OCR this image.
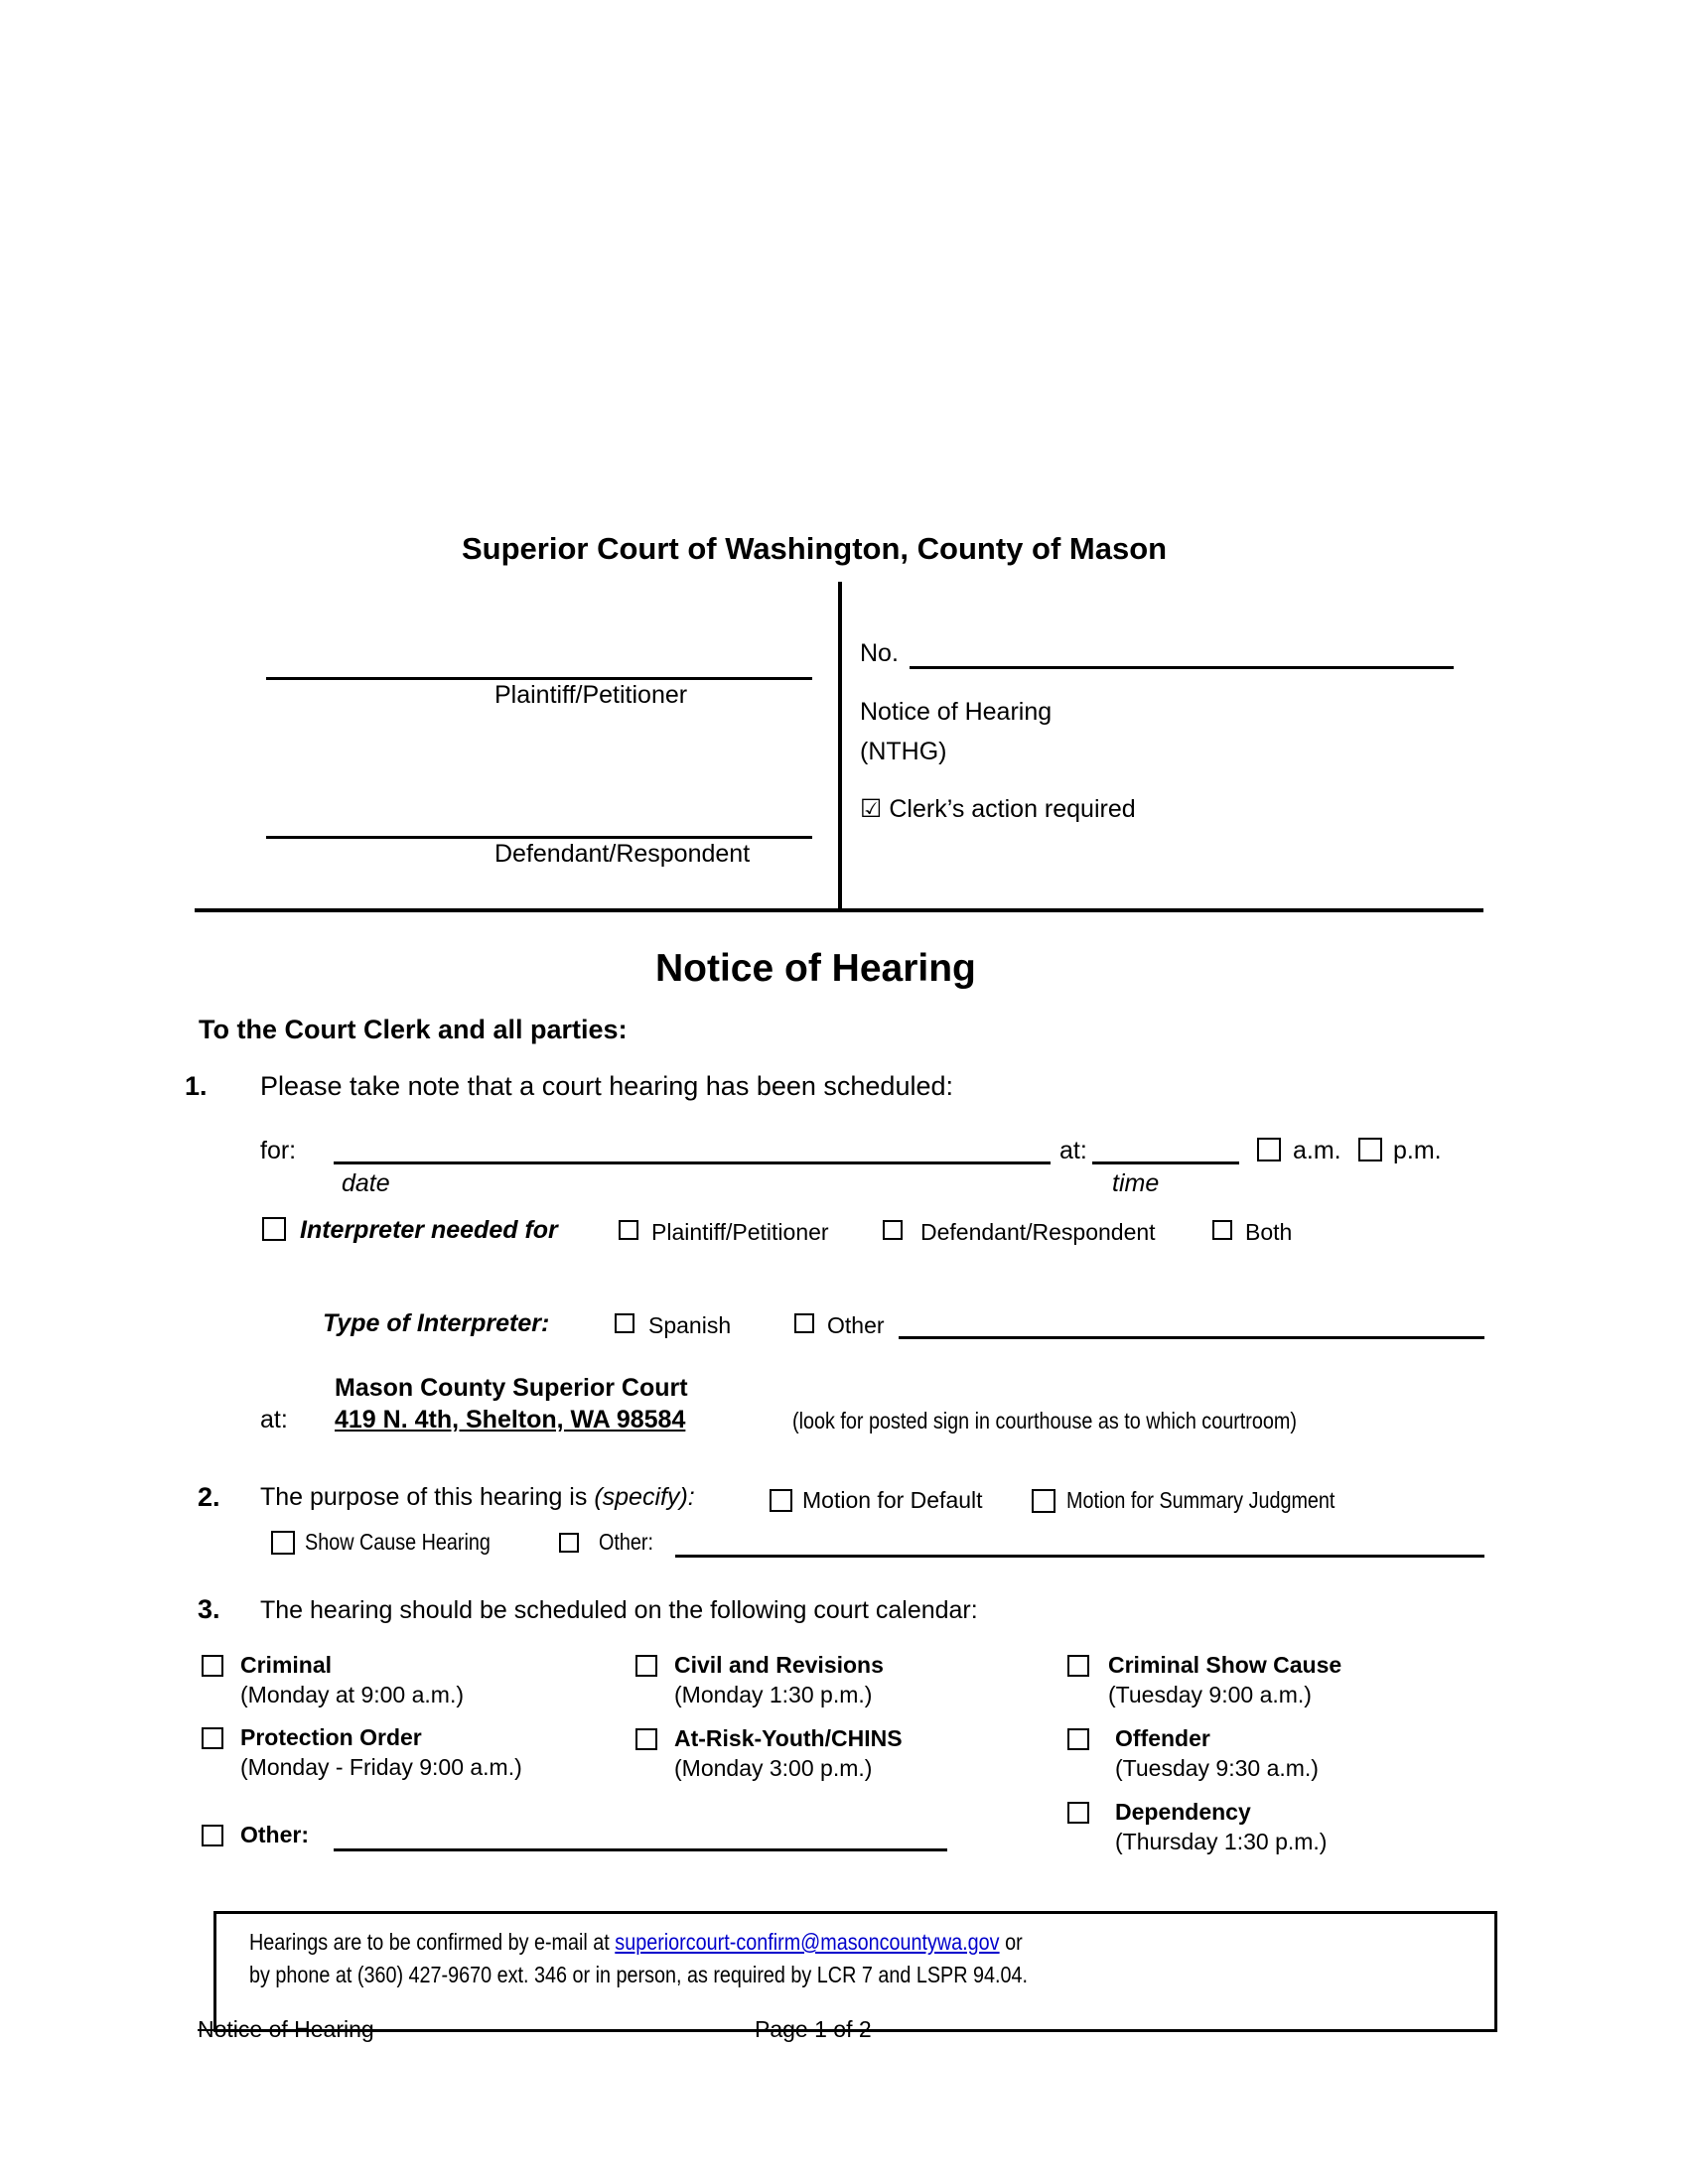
Superior Court of Washington, County of Mason
Plaintiff/Petitioner
Defendant/Respondent
No.
Notice of Hearing
(NTHG)
☑ Clerk’s action required
Notice of Hearing
To the Court Clerk and all parties:
1. Please take note that a court hearing has been scheduled:
for:
date
at:
time
a.m. p.m.
Interpreter needed for	Plaintiff/Petitioner	Defendant/Respondent	Both
Type of Interpreter:	Spanish	Other
Mason County Superior Court
at: 419 N. 4th, Shelton, WA 98584	(look for posted sign in courthouse as to which courtroom)
2. The purpose of this hearing is (specify):	Motion for Default	Motion for Summary Judgment
Show Cause Hearing	Other:
3. The hearing should be scheduled on the following court calendar:
Criminal
(Monday at 9:00 a.m.)
Civil and Revisions
(Monday 1:30 p.m.)
Criminal Show Cause
(Tuesday 9:00 a.m.)
Protection Order
(Monday - Friday 9:00 a.m.)
At-Risk-Youth/CHINS
(Monday 3:00 p.m.)
Offender
(Tuesday 9:30 a.m.)
Dependency
(Thursday 1:30 p.m.)
Other:
Hearings are to be confirmed by e-mail at superiorcourt-confirm@masoncountywa.gov or
by phone at (360) 427-9670 ext. 346 or in person, as required by LCR 7 and LSPR 94.04.
Notice of Hearing	Page 1 of 2
